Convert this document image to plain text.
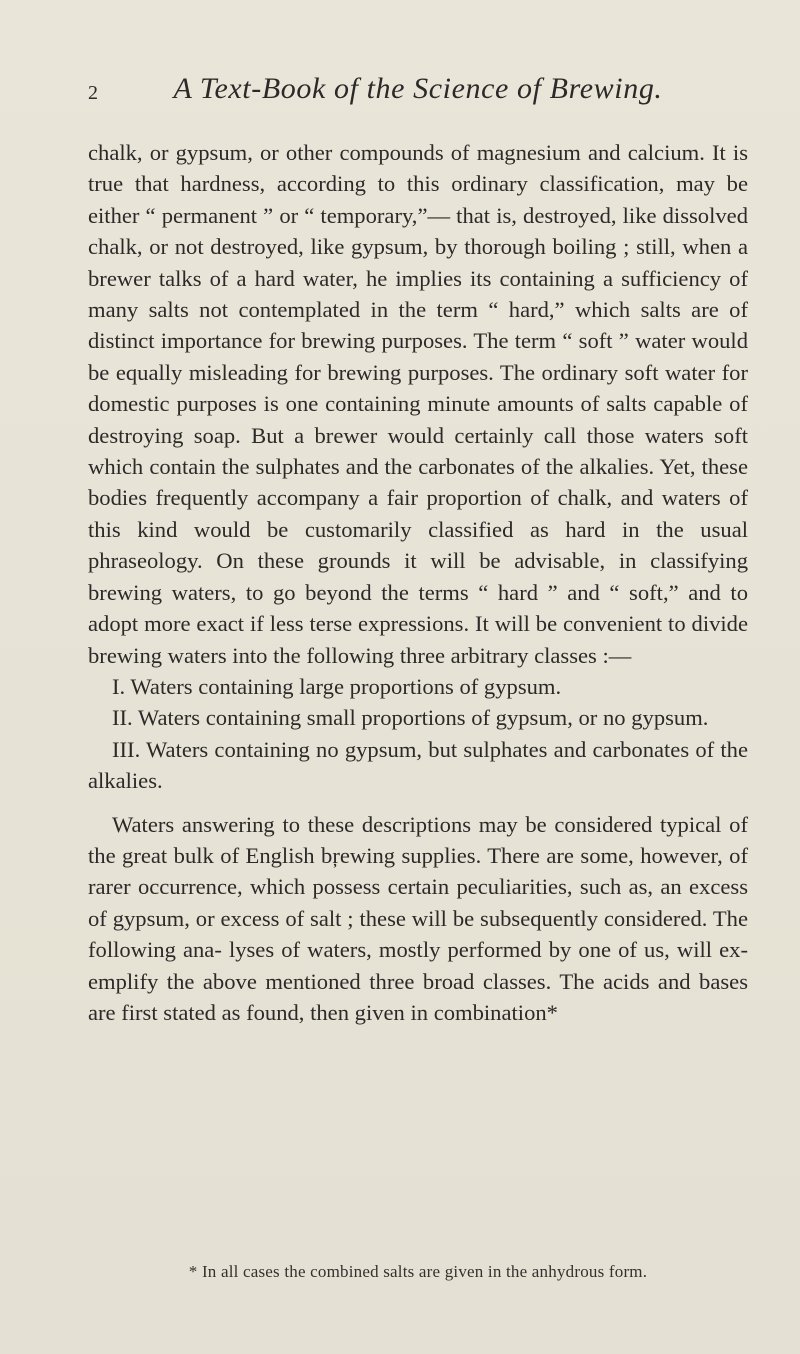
2	A Text-Book of the Science of Brewing.

chalk, or gypsum, or other compounds of magnesium and calcium. It is true that hardness, according to this ordinary classification, may be either “ permanent ” or “ temporary,”— that is, destroyed, like dissolved chalk, or not destroyed, like gypsum, by thorough boiling ; still, when a brewer talks of a hard water, he implies its containing a sufficiency of many salts not contemplated in the term “ hard,” which salts are of distinct importance for brewing purposes. The term “ soft ” water would be equally misleading for brewing purposes. The ordinary soft water for domestic purposes is one containing minute amounts of salts capable of destroying soap. But a brewer would certainly call those waters soft which contain the sulphates and the carbonates of the alkalies. Yet, these bodies frequently accompany a fair proportion of chalk, and waters of this kind would be customarily classified as hard in the usual phraseology. On these grounds it will be advisable, in classifying brewing waters, to go beyond the terms “ hard ” and “ soft,” and to adopt more exact if less terse expressions. It will be convenient to divide brewing waters into the following three arbitrary classes :—

I. Waters containing large proportions of gypsum.

II. Waters containing small proportions of gypsum, or no gypsum.

III. Waters containing no gypsum, but sulphates and carbonates of the alkalies.

Waters answering to these descriptions may be considered typical of the great bulk of English bŗewing supplies. There are some, however, of rarer occurrence, which possess certain peculiarities, such as, an excess of gypsum, or excess of salt ; these will be subsequently considered. The following ana- lyses of waters, mostly performed by one of us, will ex- emplify the above mentioned three broad classes. The acids and bases are first stated as found, then given in combination*

* In all cases the combined salts are given in the anhydrous form.
